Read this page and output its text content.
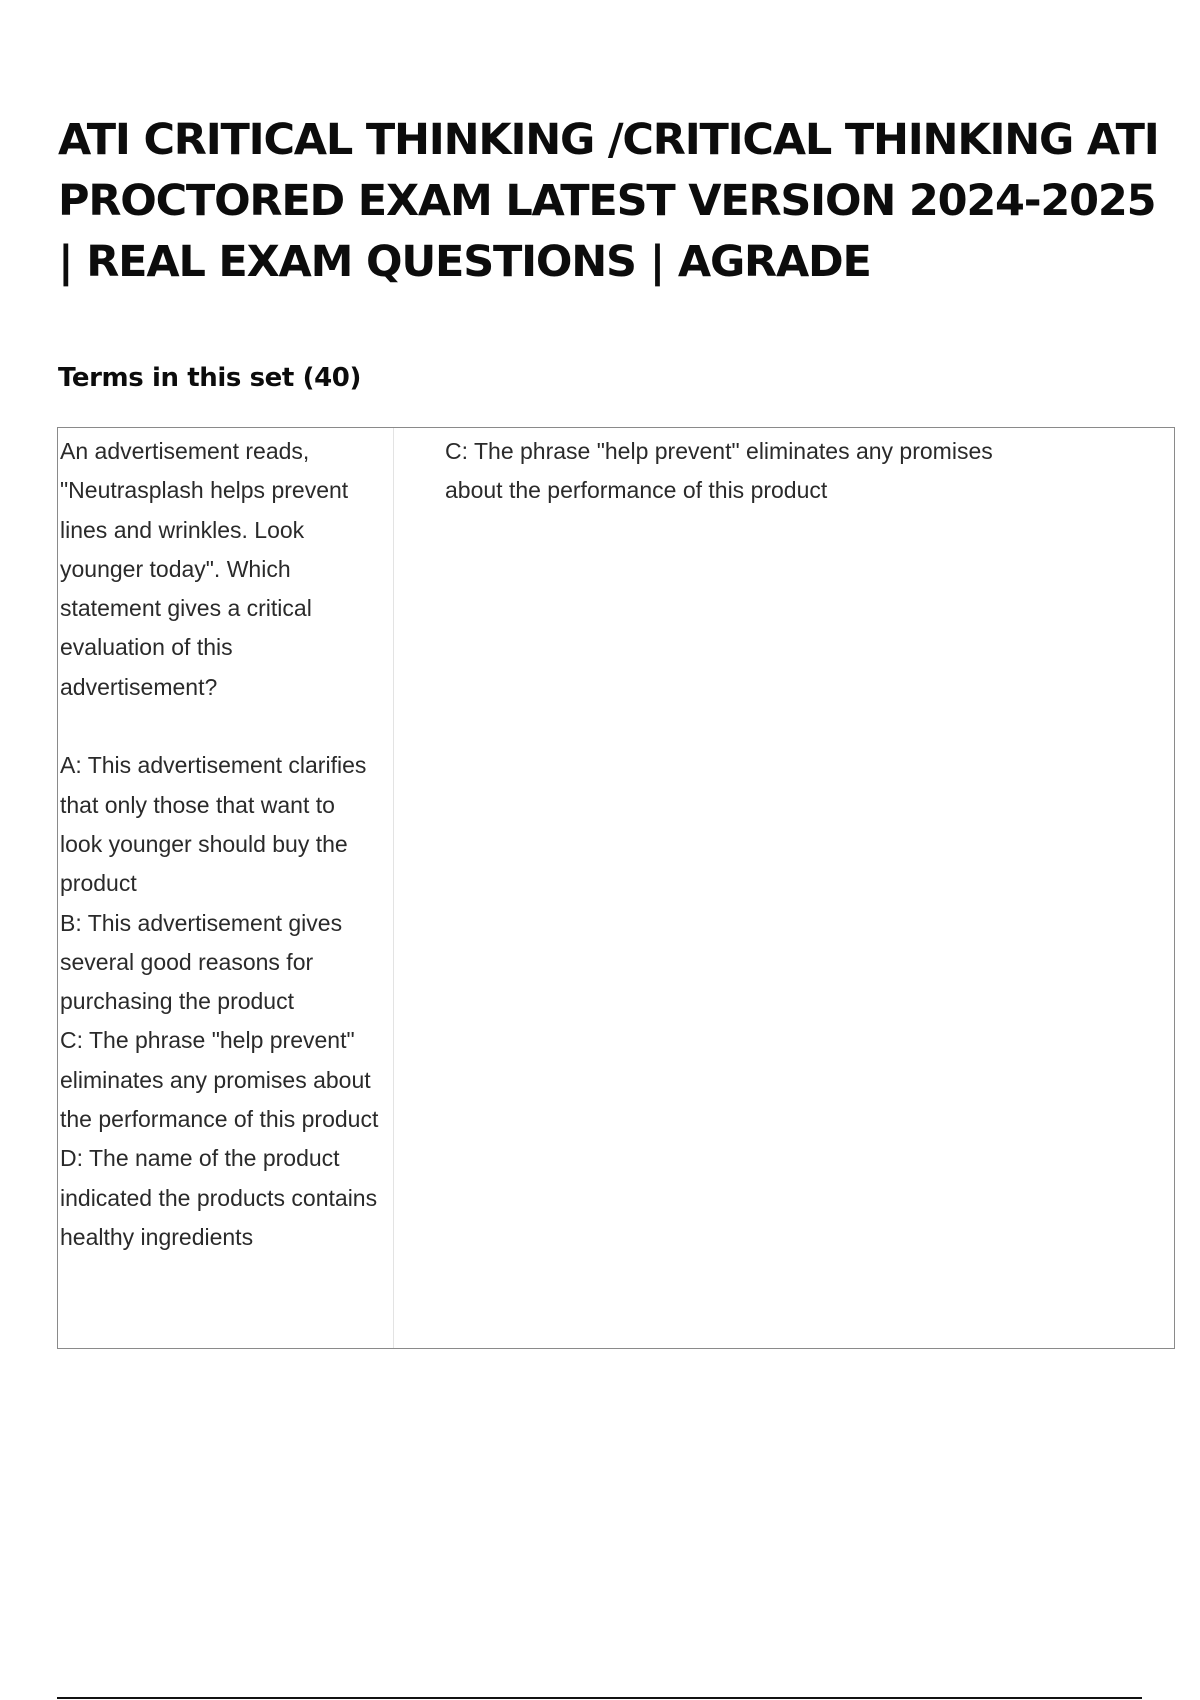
ATI CRITICAL THINKING /CRITICAL THINKING ATI PROCTORED EXAM LATEST VERSION 2024-2025 | REAL EXAM QUESTIONS | AGRADE
Terms in this set (40)

An advertisement reads, "Neutrasplash helps prevent lines and wrinkles. Look younger today". Which statement gives a critical evaluation of this advertisement?

A: This advertisement clarifies that only those that want to look younger should buy the product
B: This advertisement gives several good reasons for purchasing the product
C: The phrase "help prevent" eliminates any promises about the performance of this product
D: The name of the product indicated the products contains healthy ingredients

C: The phrase "help prevent" eliminates any promises about the performance of this product
